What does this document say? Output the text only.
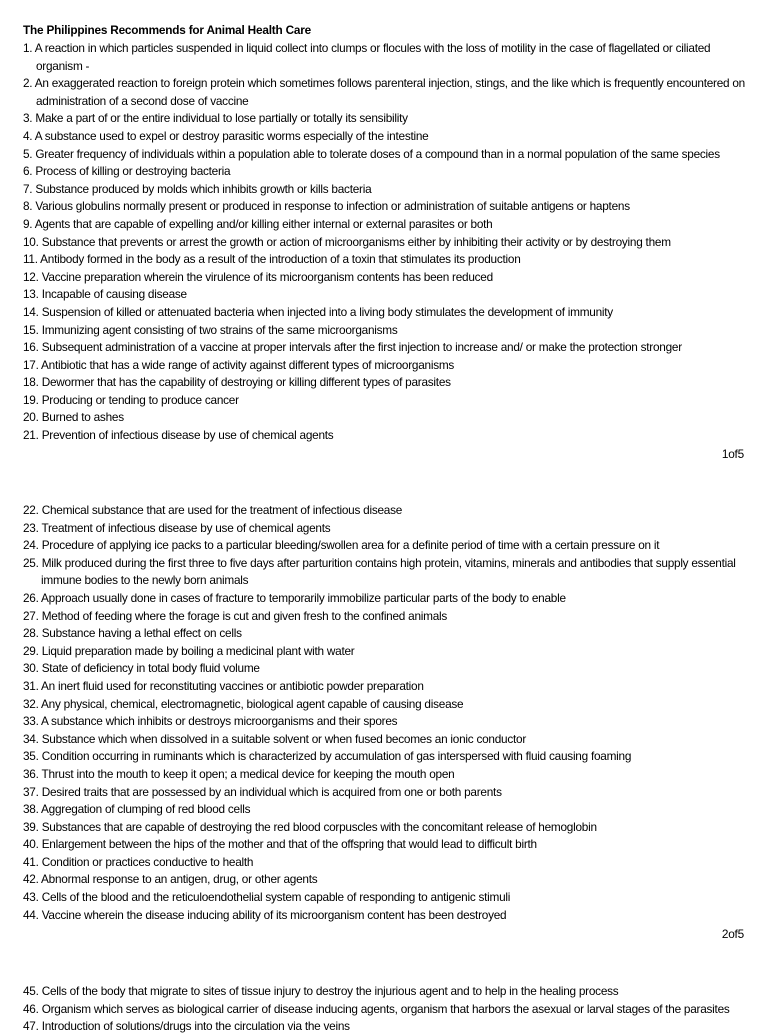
The Philippines Recommends for Animal Health Care
1. A reaction in which particles suspended in liquid collect into clumps or flocules with the loss of motility in the case of flagellated or ciliated
organism -
2. An exaggerated reaction to foreign protein which sometimes follows parenteral injection, stings, and the like which is frequently encountered on
administration of a second dose of vaccine
3. Make a part of or the entire individual to lose partially or totally its sensibility
4. A substance used to expel or destroy parasitic worms especially of the intestine
5. Greater frequency of individuals within a population able to tolerate doses of a compound than in a normal population of the same species
6. Process of killing or destroying bacteria
7. Substance produced by molds which inhibits growth or kills bacteria
8. Various globulins normally present or produced in response to infection or administration of suitable antigens or haptens
9. Agents that are capable of expelling and/or killing either internal or external parasites or both
10. Substance that prevents or arrest the growth or action of microorganisms either by inhibiting their activity or by destroying them
11. Antibody formed in the body as a result of the introduction of a toxin that stimulates its production
12. Vaccine preparation wherein the virulence of its microorganism contents has been reduced
13. Incapable of causing disease
14. Suspension of killed or attenuated bacteria when injected into a living body stimulates the development of immunity
15. Immunizing agent consisting of two strains of the same microorganisms
16. Subsequent administration of a vaccine at proper intervals after the first injection to increase and/ or make the protection stronger
17. Antibiotic that has a wide range of activity against different types of microorganisms
18. Dewormer that has the capability of destroying or killing different types of parasites
19. Producing or tending to produce cancer
20. Burned to ashes
21. Prevention of infectious disease by use of chemical agents
1of5
22. Chemical substance that are used for the treatment of infectious disease
23. Treatment of infectious disease by use of chemical agents
24. Procedure of applying ice packs to a particular bleeding/swollen area for a definite period of time with a certain pressure on it
25. Milk produced during the first three to five days after parturition contains high protein, vitamins, minerals and antibodies that supply essential
immune bodies to the newly born animals
26. Approach usually done in cases of fracture to temporarily immobilize particular parts of the body to enable
27. Method of feeding where the forage is cut and given fresh to the confined animals
28. Substance having a lethal effect on cells
29. Liquid preparation made by boiling a medicinal plant with water
30. State of deficiency in total body fluid volume
31. An inert fluid used for reconstituting vaccines or antibiotic powder preparation
32. Any physical, chemical, electromagnetic, biological agent capable of causing disease
33. A substance which inhibits or destroys microorganisms and their spores
34. Substance which when dissolved in a suitable solvent or when fused becomes an ionic conductor
35. Condition occurring in ruminants which is characterized by accumulation of gas interspersed with fluid causing foaming
36. Thrust into the mouth to keep it open; a medical device for keeping the mouth open
37. Desired traits that are possessed by an individual which is acquired from one or both parents
38. Aggregation of clumping of red blood cells
39. Substances that are capable of destroying the red blood corpuscles with the concomitant release of hemoglobin
40. Enlargement between the hips of the mother and that of the offspring that would lead to difficult birth
41. Condition or practices conductive to health
42. Abnormal response to an antigen, drug, or other agents
43. Cells of the blood and the reticuloendothelial system capable of responding to antigenic stimuli
44. Vaccine wherein the disease inducing ability of its microorganism content has been destroyed
2of5
45. Cells of the body that migrate to sites of tissue injury to destroy the injurious agent and to help in the healing process
46. Organism which serves as biological carrier of disease inducing agents, organism that harbors the asexual or larval stages of the parasites
47. Introduction of solutions/drugs into the circulation via the veins
